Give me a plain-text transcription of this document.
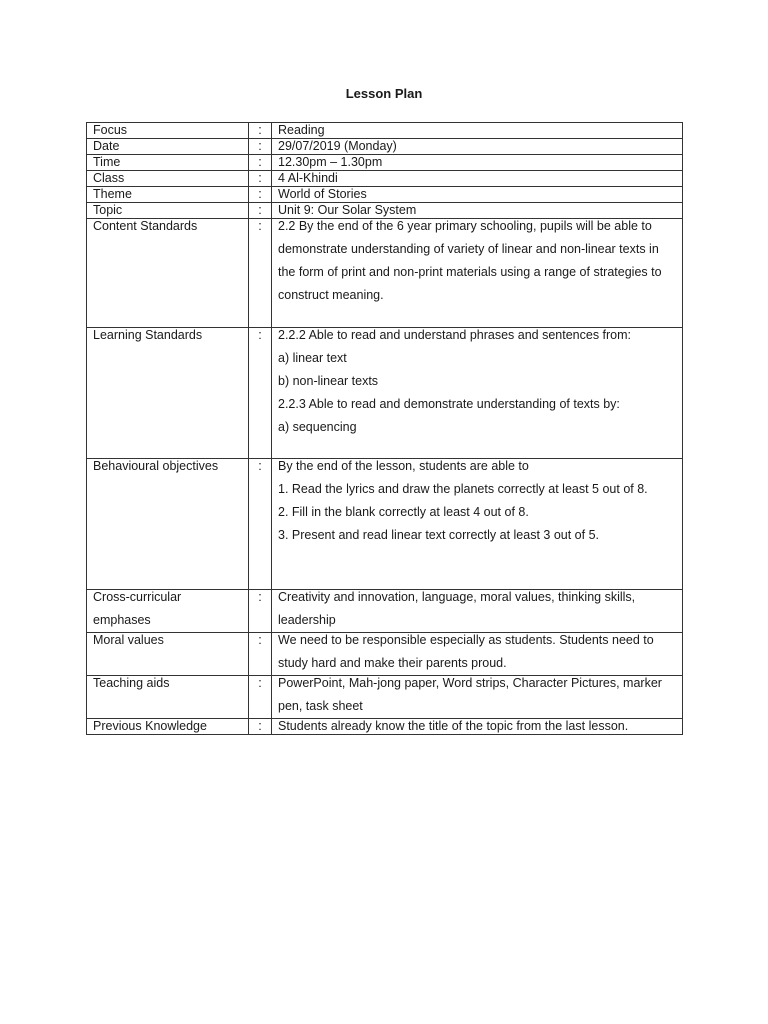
Lesson Plan
Focus	:	Reading
Date	:	29/07/2019 (Monday)
Time	:	12.30pm – 1.30pm
Class	:	4 Al-Khindi
Theme	:	World of Stories
Topic	:	Unit 9: Our Solar System
Content Standards	:	2.2 By the end of the 6 year primary schooling, pupils will be able to demonstrate understanding of variety of linear and non-linear texts in the form of print and non-print materials using a range of strategies to construct meaning.

Learning Standards	:	2.2.2 Able to read and understand phrases and sentences from:
a) linear text
b) non-linear texts
2.2.3 Able to read and demonstrate understanding of texts by:
a) sequencing

Behavioural objectives	:	By the end of the lesson, students are able to
1. Read the lyrics and draw the planets correctly at least 5 out of 8.
2. Fill in the blank correctly at least 4 out of 8.
3. Present and read linear text correctly at least 3 out of 5.

Cross-curricular emphases	:	Creativity and innovation, language, moral values, thinking skills, leadership

Moral values	:	We need to be responsible especially as students. Students need to study hard and make their parents proud.

Teaching aids	:	PowerPoint, Mah-jong paper, Word strips, Character Pictures, marker pen, task sheet

Previous Knowledge	:	Students already know the title of the topic from the last lesson.
